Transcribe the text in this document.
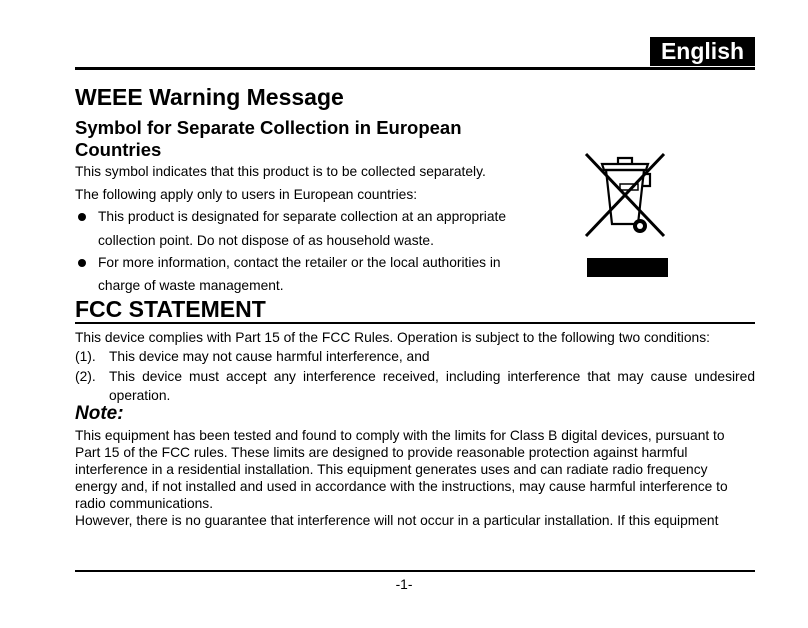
English
WEEE Warning Message
Symbol for Separate Collection in European
Countries
This symbol indicates that this product is to be collected separately.
The following apply only to users in European countries:
This product is designated for separate collection at an appropriate
collection point. Do not dispose of as household waste.
For more information, contact the retailer or the local authorities in
charge of waste management.
FCC STATEMENT
This device complies with Part 15 of the FCC Rules. Operation is subject to the following two conditions:
(1). This device may not cause harmful interference, and
(2). This device must accept any interference received, including interference that may cause undesired
operation.
Note:
This equipment has been tested and found to comply with the limits for Class B digital devices, pursuant to
Part 15 of the FCC rules. These limits are designed to provide reasonable protection against harmful
interference in a residential installation. This equipment generates uses and can radiate radio frequency
energy and, if not installed and used in accordance with the instructions, may cause harmful interference to
radio communications.
However, there is no guarantee that interference will not occur in a particular installation. If this equipment
-1-
